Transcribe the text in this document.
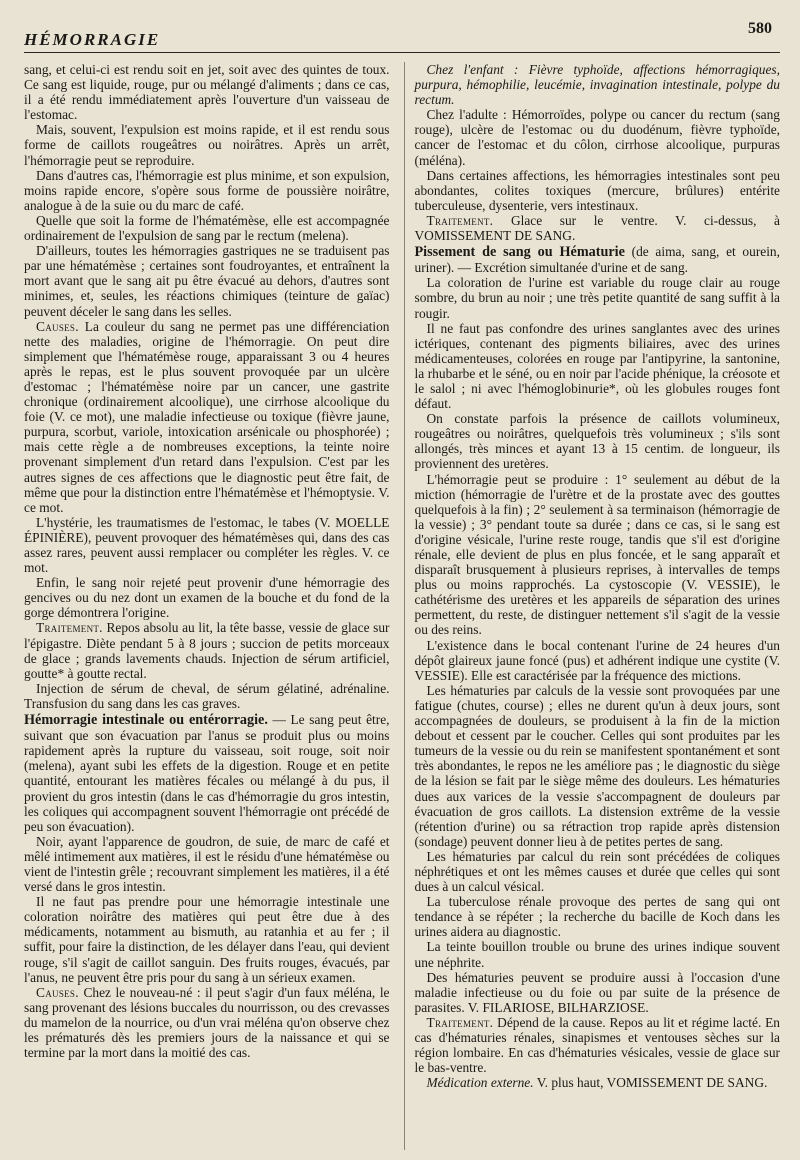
HÉMORRAGIE
580

sang, et celui-ci est rendu soit en jet, soit avec des quintes de toux. Ce sang est liquide, rouge, pur ou mélangé d'aliments ; dans ce cas, il a été rendu immédiatement après l'ouverture d'un vaisseau de l'estomac.

Mais, souvent, l'expulsion est moins rapide, et il est rendu sous forme de caillots rougeâtres ou noirâtres. Après un arrêt, l'hémorragie peut se reproduire.

Dans d'autres cas, l'hémorragie est plus minime, et son expulsion, moins rapide encore, s'opère sous forme de poussière noirâtre, analogue à de la suie ou du marc de café.

Quelle que soit la forme de l'hématémèse, elle est accompagnée ordinairement de l'expulsion de sang par le rectum (melena).

D'ailleurs, toutes les hémorragies gastriques ne se traduisent pas par une hématémèse ; certaines sont foudroyantes, et entraînent la mort avant que le sang ait pu être évacué au dehors, d'autres sont minimes, et, seules, les réactions chimiques (teinture de gaïac) peuvent déceler le sang dans les selles.

Causes. La couleur du sang ne permet pas une différenciation nette des maladies, origine de l'hémorragie. On peut dire simplement que l'hématémèse rouge, apparaissant 3 ou 4 heures après le repas, est le plus souvent provoquée par un ulcère d'estomac ; l'hématémèse noire par un cancer, une gastrite chronique (ordinairement alcoolique), une cirrhose alcoolique du foie (V. ce mot), une maladie infectieuse ou toxique (fièvre jaune, purpura, scorbut, variole, intoxication arsénicale ou phosphorée) ; mais cette règle a de nombreuses exceptions, la teinte noire provenant simplement d'un retard dans l'expulsion. C'est par les autres signes de ces affections que le diagnostic peut être fait, de même que pour la distinction entre l'hématémèse et l'hémoptysie. V. ce mot.

L'hystérie, les traumatismes de l'estomac, le tabes (V. MOELLE ÉPINIÈRE), peuvent provoquer des hématémèses qui, dans des cas assez rares, peuvent aussi remplacer ou compléter les règles. V. ce mot.

Enfin, le sang noir rejeté peut provenir d'une hémorragie des gencives ou du nez dont un examen de la bouche et du fond de la gorge démontrera l'origine.

Traitement. Repos absolu au lit, la tête basse, vessie de glace sur l'épigastre. Diète pendant 5 à 8 jours ; succion de petits morceaux de glace ; grands lavements chauds. Injection de sérum artificiel, goutte* à goutte rectal.

Injection de sérum de cheval, de sérum gélatiné, adrénaline. Transfusion du sang dans les cas graves.

Hémorragie intestinale ou entérorragie. — Le sang peut être, suivant que son évacuation par l'anus se produit plus ou moins rapidement après la rupture du vaisseau, soit rouge, soit noir (melena), ayant subi les effets de la digestion. Rouge et en petite quantité, entourant les matières fécales ou mélangé à du pus, il provient du gros intestin (dans le cas d'hémorragie du gros intestin, les coliques qui accompagnent souvent l'hémorragie ont précédé de peu son évacuation).

Noir, ayant l'apparence de goudron, de suie, de marc de café et mêlé intimement aux matières, il est le résidu d'une hématémèse ou vient de l'intestin grêle ; recouvrant simplement les matières, il a été versé dans le gros intestin.

Il ne faut pas prendre pour une hémorragie intestinale une coloration noirâtre des matières qui peut être due à des médicaments, notamment au bismuth, au ratanhia et au fer ; il suffit, pour faire la distinction, de les délayer dans l'eau, qui devient rouge, s'il s'agit de caillot sanguin. Des fruits rouges, évacués, par l'anus, ne peuvent être pris pour du sang à un sérieux examen.

Causes. Chez le nouveau-né : il peut s'agir d'un faux méléna, le sang provenant des lésions buccales du nourrisson, ou des crevasses du mamelon de la nourrice, ou d'un vrai méléna qu'on observe chez les prématurés dès les premiers jours de la naissance et qui se termine par la mort dans la moitié des cas.

Chez l'enfant : Fièvre typhoïde, affections hémorragiques, purpura, hémophilie, leucémie, invagination intestinale, polype du rectum.

Chez l'adulte : Hémorroïdes, polype ou cancer du rectum (sang rouge), ulcère de l'estomac ou du duodénum, fièvre typhoïde, cancer de l'estomac et du côlon, cirrhose alcoolique, purpuras (méléna).

Dans certaines affections, les hémorragies intestinales sont peu abondantes, colites toxiques (mercure, brûlures) entérite tuberculeuse, dysenterie, vers intestinaux.

Traitement. Glace sur le ventre. V. ci-dessus, à VOMISSEMENT DE SANG.

Pissement de sang ou Hématurie (de aima, sang, et ourein, uriner). — Excrétion simultanée d'urine et de sang.

La coloration de l'urine est variable du rouge clair au rouge sombre, du brun au noir ; une très petite quantité de sang suffit à la rougir.

Il ne faut pas confondre des urines sanglantes avec des urines ictériques, contenant des pigments biliaires, avec des urines médicamenteuses, colorées en rouge par l'antipyrine, la santonine, la rhubarbe et le séné, ou en noir par l'acide phénique, la créosote et le salol ; ni avec l'hémoglobinurie*, où les globules rouges font défaut.

On constate parfois la présence de caillots volumineux, rougeâtres ou noirâtres, quelquefois très volumineux ; s'ils sont allongés, très minces et ayant 13 à 15 centim. de longueur, ils proviennent des uretères.

L'hémorragie peut se produire : 1° seulement au début de la miction (hémorragie de l'urètre et de la prostate avec des gouttes quelquefois à la fin) ; 2° seulement à sa terminaison (hémorragie de la vessie) ; 3° pendant toute sa durée ; dans ce cas, si le sang est d'origine vésicale, l'urine reste rouge, tandis que s'il est d'origine rénale, elle devient de plus en plus foncée, et le sang apparaît et disparaît brusquement à plusieurs reprises, à intervalles de temps plus ou moins rapprochés. La cystoscopie (V. VESSIE), le cathétérisme des uretères et les appareils de séparation des urines permettent, du reste, de distinguer nettement s'il s'agit de la vessie ou des reins.

L'existence dans le bocal contenant l'urine de 24 heures d'un dépôt glaireux jaune foncé (pus) et adhérent indique une cystite (V. VESSIE). Elle est caractérisée par la fréquence des mictions.

Les hématuries par calculs de la vessie sont provoquées par une fatigue (chutes, course) ; elles ne durent qu'un à deux jours, sont accompagnées de douleurs, se produisent à la fin de la miction debout et cessent par le coucher. Celles qui sont produites par les tumeurs de la vessie ou du rein se manifestent spontanément et sont très abondantes, le repos ne les améliore pas ; le diagnostic du siège de la lésion se fait par le siège même des douleurs. Les hématuries dues aux varices de la vessie s'accompagnent de douleurs par évacuation de gros caillots. La distension extrême de la vessie (rétention d'urine) ou sa rétraction trop rapide après distension (sondage) peuvent donner lieu à de petites pertes de sang.

Les hématuries par calcul du rein sont précédées de coliques néphrétiques et ont les mêmes causes et durée que celles qui sont dues à un calcul vésical.

La tuberculose rénale provoque des pertes de sang qui ont tendance à se répéter ; la recherche du bacille de Koch dans les urines aidera au diagnostic.

La teinte bouillon trouble ou brune des urines indique souvent une néphrite.

Des hématuries peuvent se produire aussi à l'occasion d'une maladie infectieuse ou du foie ou par suite de la présence de parasites. V. FILARIOSE, BILHARZIOSE.

Traitement. Dépend de la cause. Repos au lit et régime lacté. En cas d'hématuries rénales, sinapismes et ventouses sèches sur la région lombaire. En cas d'hématuries vésicales, vessie de glace sur le bas-ventre.

Médication externe. V. plus haut, VOMISSEMENT DE SANG.
